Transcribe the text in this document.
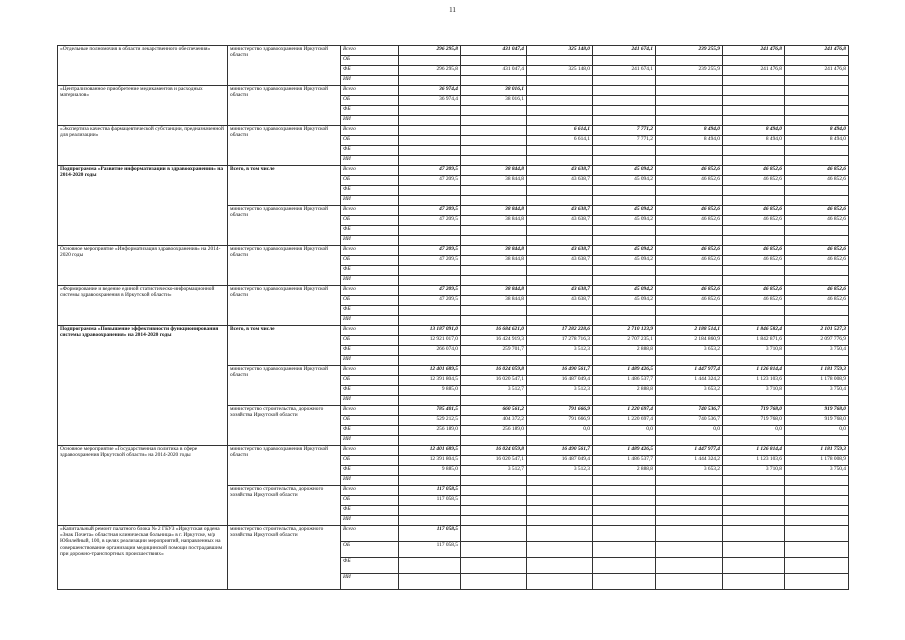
11
«Отдельные полномочия в области лекарственного обеспечения»	министерство здравоохранения Иркутской области	Всего	296 295,8	431 047,4	325 148,0	241 674,1	239 255,9	241 476,8	241 476,8
		ОБ							
		ФБ	296 295,8	431 047,4	325 148,0	241 674,1	239 255,9	241 476,8	241 476,8
		ИИ							
«Централизованное приобретение медикаментов и расходных материалов»	министерство здравоохранения Иркутской области	Всего	36 974,4	38 016,1					
		ОБ	36 974,4	38 016,1					
		ФБ							
		ИИ							
«Экспертиза качества фармацевтической субстанции, предназначенной для реализации»	министерство здравоохранения Иркутской области	Всего			6 614,1	7 771,2	8 494,0	8 494,0	8 494,0
		ОБ			6 614,1	7 771,2	8 494,0	8 494,0	8 494,0
		ФБ							
		ИИ							
Подпрограмма «Развитие информатизации в здравоохранении» на 2014-2020 годы	Всего, в том числе	Всего	47 209,5	38 844,8	43 638,7	45 094,2	46 852,6	46 852,6	46 852,6
		ОБ	47 209,5	38 844,8	43 638,7	45 094,2	46 852,6	46 852,6	46 852,6
		ФБ							
		ИИ							
	министерство здравоохранения Иркутской области	Всего	47 209,5	38 844,8	43 638,7	45 094,2	46 852,6	46 852,6	46 852,6
		ОБ	47 209,5	38 844,8	43 638,7	45 094,2	46 852,6	46 852,6	46 852,6
		ФБ							
		ИИ							
Основное мероприятие «Информатизация здравоохранения» на 2014-2020 годы	министерство здравоохранения Иркутской области	Всего	47 209,5	38 844,8	43 638,7	45 094,2	46 852,6	46 852,6	46 852,6
		ОБ	47 209,5	38 844,8	43 638,7	45 094,2	46 852,6	46 852,6	46 852,6
		ФБ							
		ИИ							
«Формирование и ведение единой статистическо-информационной системы здравоохранения в Иркутской области»	министерство здравоохранения Иркутской области	Всего	47 209,5	38 844,8	43 638,7	45 094,2	46 852,6	46 852,6	46 852,6
		ОБ	47 209,5	38 844,8	43 638,7	45 094,2	46 852,6	46 852,6	46 852,6
		ФБ							
		ИИ							
Подпрограмма «Повышение эффективности функционирования системы здравоохранения» на 2014-2020 годы	Всего, в том числе	Всего	13 187 091,0	16 684 621,0	17 282 228,6	2 710 123,9	2 188 514,1	1 846 582,4	2 101 527,3
		ОБ	12 921 017,0	16 424 919,3	17 278 716,3	2 707 235,1	2 184 860,9	1 842 871,6	2 097 776,9
		ФБ	266 074,0	259 701,7	3 512,3	2 888,8	3 653,2	3 710,8	3 750,4
		ИИ							
	министерство здравоохранения Иркутской области	Всего	12 401 689,5	16 024 059,8	16 490 561,7	1 489 426,5	1 447 977,4	1 126 814,4	1 181 759,3
		ОБ	12 391 804,5	16 020 547,1	16 487 049,4	1 486 537,7	1 444 324,2	1 123 103,6	1 178 008,9
		ФБ	9 885,0	3 512,7	3 512,3	2 888,8	3 653,2	3 710,8	3 750,4
		ИИ							
	министерство строительства, дорожного хозяйства Иркутской области	Всего	785 401,5	660 561,2	791 666,9	1 220 697,4	740 536,7	719 768,0	919 768,0
		ОБ	529 212,5	404 372,2	791 666,9	1 220 697,4	740 536,7	719 768,0	919 768,0
		ФБ	256 189,0	256 189,0	0,0	0,0	0,0	0,0	0,0
		ИИ							
Основное мероприятие «Государственная политика в сфере здравоохранения Иркутской области» на 2014-2020 годы	министерство здравоохранения Иркутской области	Всего	12 401 689,5	16 024 059,8	16 490 561,7	1 489 426,5	1 447 977,4	1 126 814,4	1 181 759,3
		ОБ	12 391 804,5	16 020 547,1	16 487 049,4	1 486 537,7	1 444 324,2	1 123 103,6	1 178 008,9
		ФБ	9 885,0	3 512,7	3 512,3	2 888,8	3 653,2	3 710,8	3 750,4
		ИИ							
	министерство строительства, дорожного хозяйства Иркутской области	Всего	117 058,5						
		ОБ	117 058,5						
		ФБ							
		ИИ							
«Капитальный ремонт палатного блока № 2 ГБУЗ «Иркутская ордена «Знак Почета» областная клиническая больница» в г. Иркутске, м/р Юбилейный, 100, в целях реализации мероприятий, направленных на совершенствование организации медицинской помощи пострадавшим при дорожно-транспортных происшествиях»	министерство строительства, дорожного хозяйства Иркутской области	Всего	117 058,5						
		ОБ	117 058,5						
		ФБ							
		ИИ							
